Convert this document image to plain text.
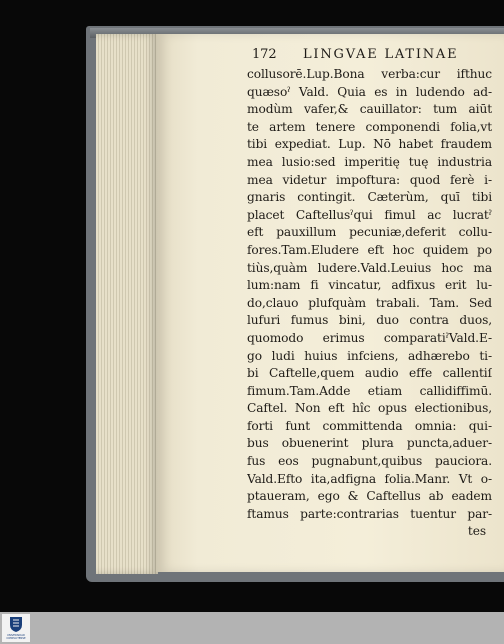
172 LINGVAE LATINAE
collusorē.Lup.Bona verba:cur ifthuc
quæsoˀ Vald. Quia es in ludendo ad-
modùm vafer,& cauillator: tum aiūt
te artem tenere componendi folia,vt
tibi expediat. Lup. Nō habet fraudem
mea lusio:sed imperitię tuę industria
mea videtur impoftura: quod ferè i-
gnaris contingit. Cæterùm, quī tibi
placet Caftellusˀqui fimul ac lucratˀ
eft pauxillum pecuniæ,deferit collu-
fores.Tam.Eludere eft hoc quidem po
tiùs,quàm ludere.Vald.Leuius hoc ma
lum:nam fi vincatur, adfixus erit lu-
do,clauo plufquàm trabali. Tam. Sed
lufuri fumus bini, duo contra duos,
quomodo erimus comparatiˀVald.E-
go ludi huius infciens, adhærebo ti-
bi Caftelle,quem audio effe callentiſ
fimum.Tam.Adde etiam callidiffimū.
Caftel. Non eft hîc opus electionibus,
forti funt committenda omnia: qui-
bus obuenerint plura puncta,aduer-
fus eos pugnabunt,quibus pauciora.
Vald.Efto ita,adfigna folia.Manr. Vt o-
ptaueram, ego & Caftellus ab eadem
ftamus parte:contrarias tuentur par-
tes
UNIVERSIDAD
COMPLUTENSE
